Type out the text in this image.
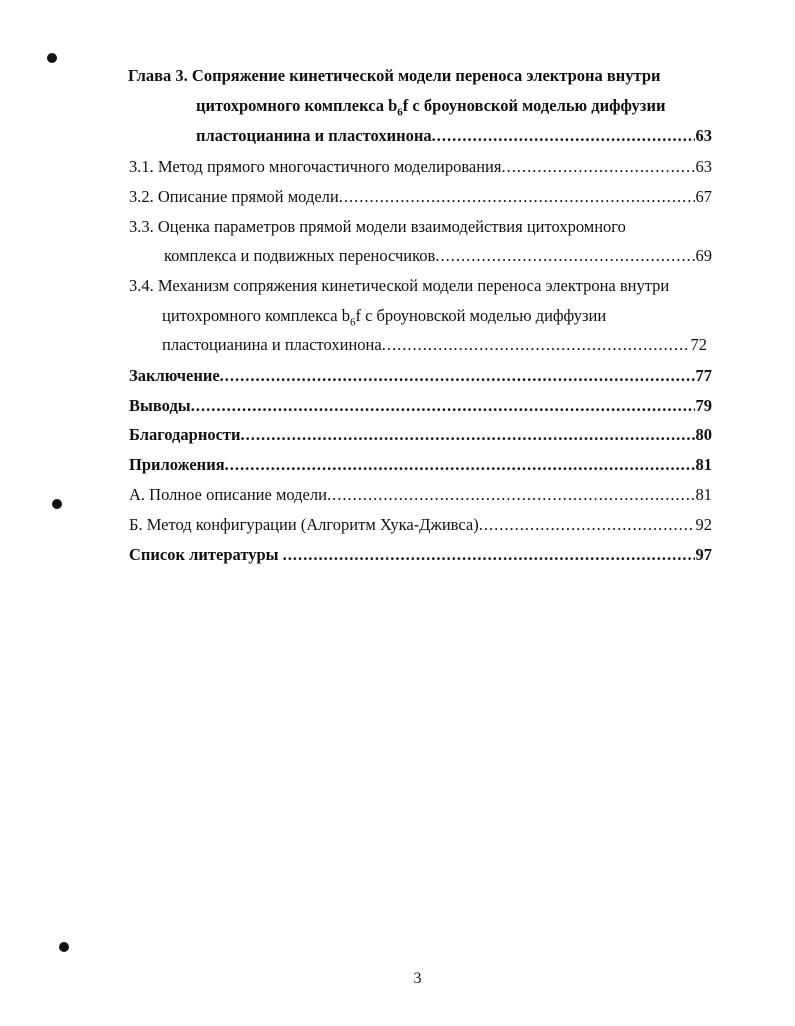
Глава 3. Сопряжение кинетической модели переноса электрона внутри
цитохромного комплекса $b_6f$ с броуновской моделью диффузии
пластоцианина и пластохинона .....	63
3.1. Метод прямого многочастичного моделирования .....	63
3.2. Описание прямой модели .....	67
3.3. Оценка параметров прямой модели взаимодействия цитохромного
комплекса и подвижных переносчиков .....	69
3.4. Механизм сопряжения кинетической модели переноса электрона внутри
цитохромного комплекса $b_6f$ с броуновской моделью диффузии
пластоцианина и пластохинона .....	72
Заключение .....	77
Выводы .....	79
Благодарности .....	80
Приложения .....	81
А. Полное описание модели .....	81
Б. Метод конфигурации (Алгоритм Хука-Дживса) .....	92
Список литературы .....	97
3
